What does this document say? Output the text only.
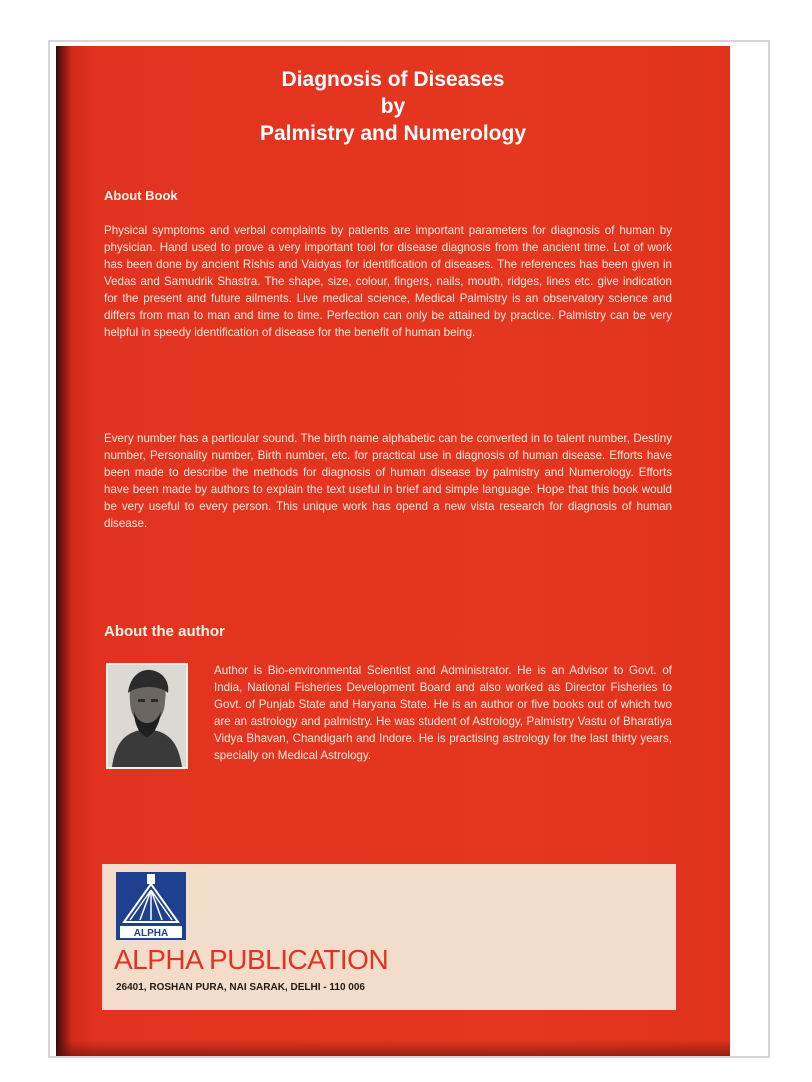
Diagnosis of Diseases
by
Palmistry and Numerology
About Book
Physical symptoms and verbal complaints by patients are important parameters for diagnosis of human by physician. Hand used to prove a very important tool for disease diagnosis from the ancient time. Lot of work has been done by ancient Rishis and Vaidyas for identification of diseases. The references has been given in Vedas and Samudrik Shastra. The shape, size, colour, fingers, nails, mouth, ridges, lines etc. give indication for the present and future ailments. Live medical science, Medical Palmistry is an observatory science and differs from man to man and time to time. Perfection can only be attained by practice. Palmistry can be very helpful in speedy identification of disease for the benefit of human being.
Every number has a particular sound. The birth name alphabetic can be converted in to talent number, Destiny number, Personality number, Birth number, etc. for practical use in diagnosis of human disease. Efforts have been made to describe the methods for diagnosis of human disease by palmistry and Numerology. Efforts have been made by authors to explain the text useful in brief and simple language. Hope that this book would be very useful to every person. This unique work has opend a new vista research for diagnosis of human disease.
About the author
Author is Bio-environmental Scientist and Administrator. He is an Advisor to Govt. of India, National Fisheries Development Board and also worked as Director Fisheries to Govt. of Punjab State and Haryana State. He is an author or five books out of which two are an astrology and palmistry. He was student of Astrology, Palmistry Vastu of Bharatiya Vidya Bhavan, Chandigarh and Indore. He is practising astrology for the last thirty years, specially on Medical Astrology.
ALPHA
ALPHA PUBLICATION
26401, ROSHAN PURA, NAI SARAK, DELHI - 110 006
